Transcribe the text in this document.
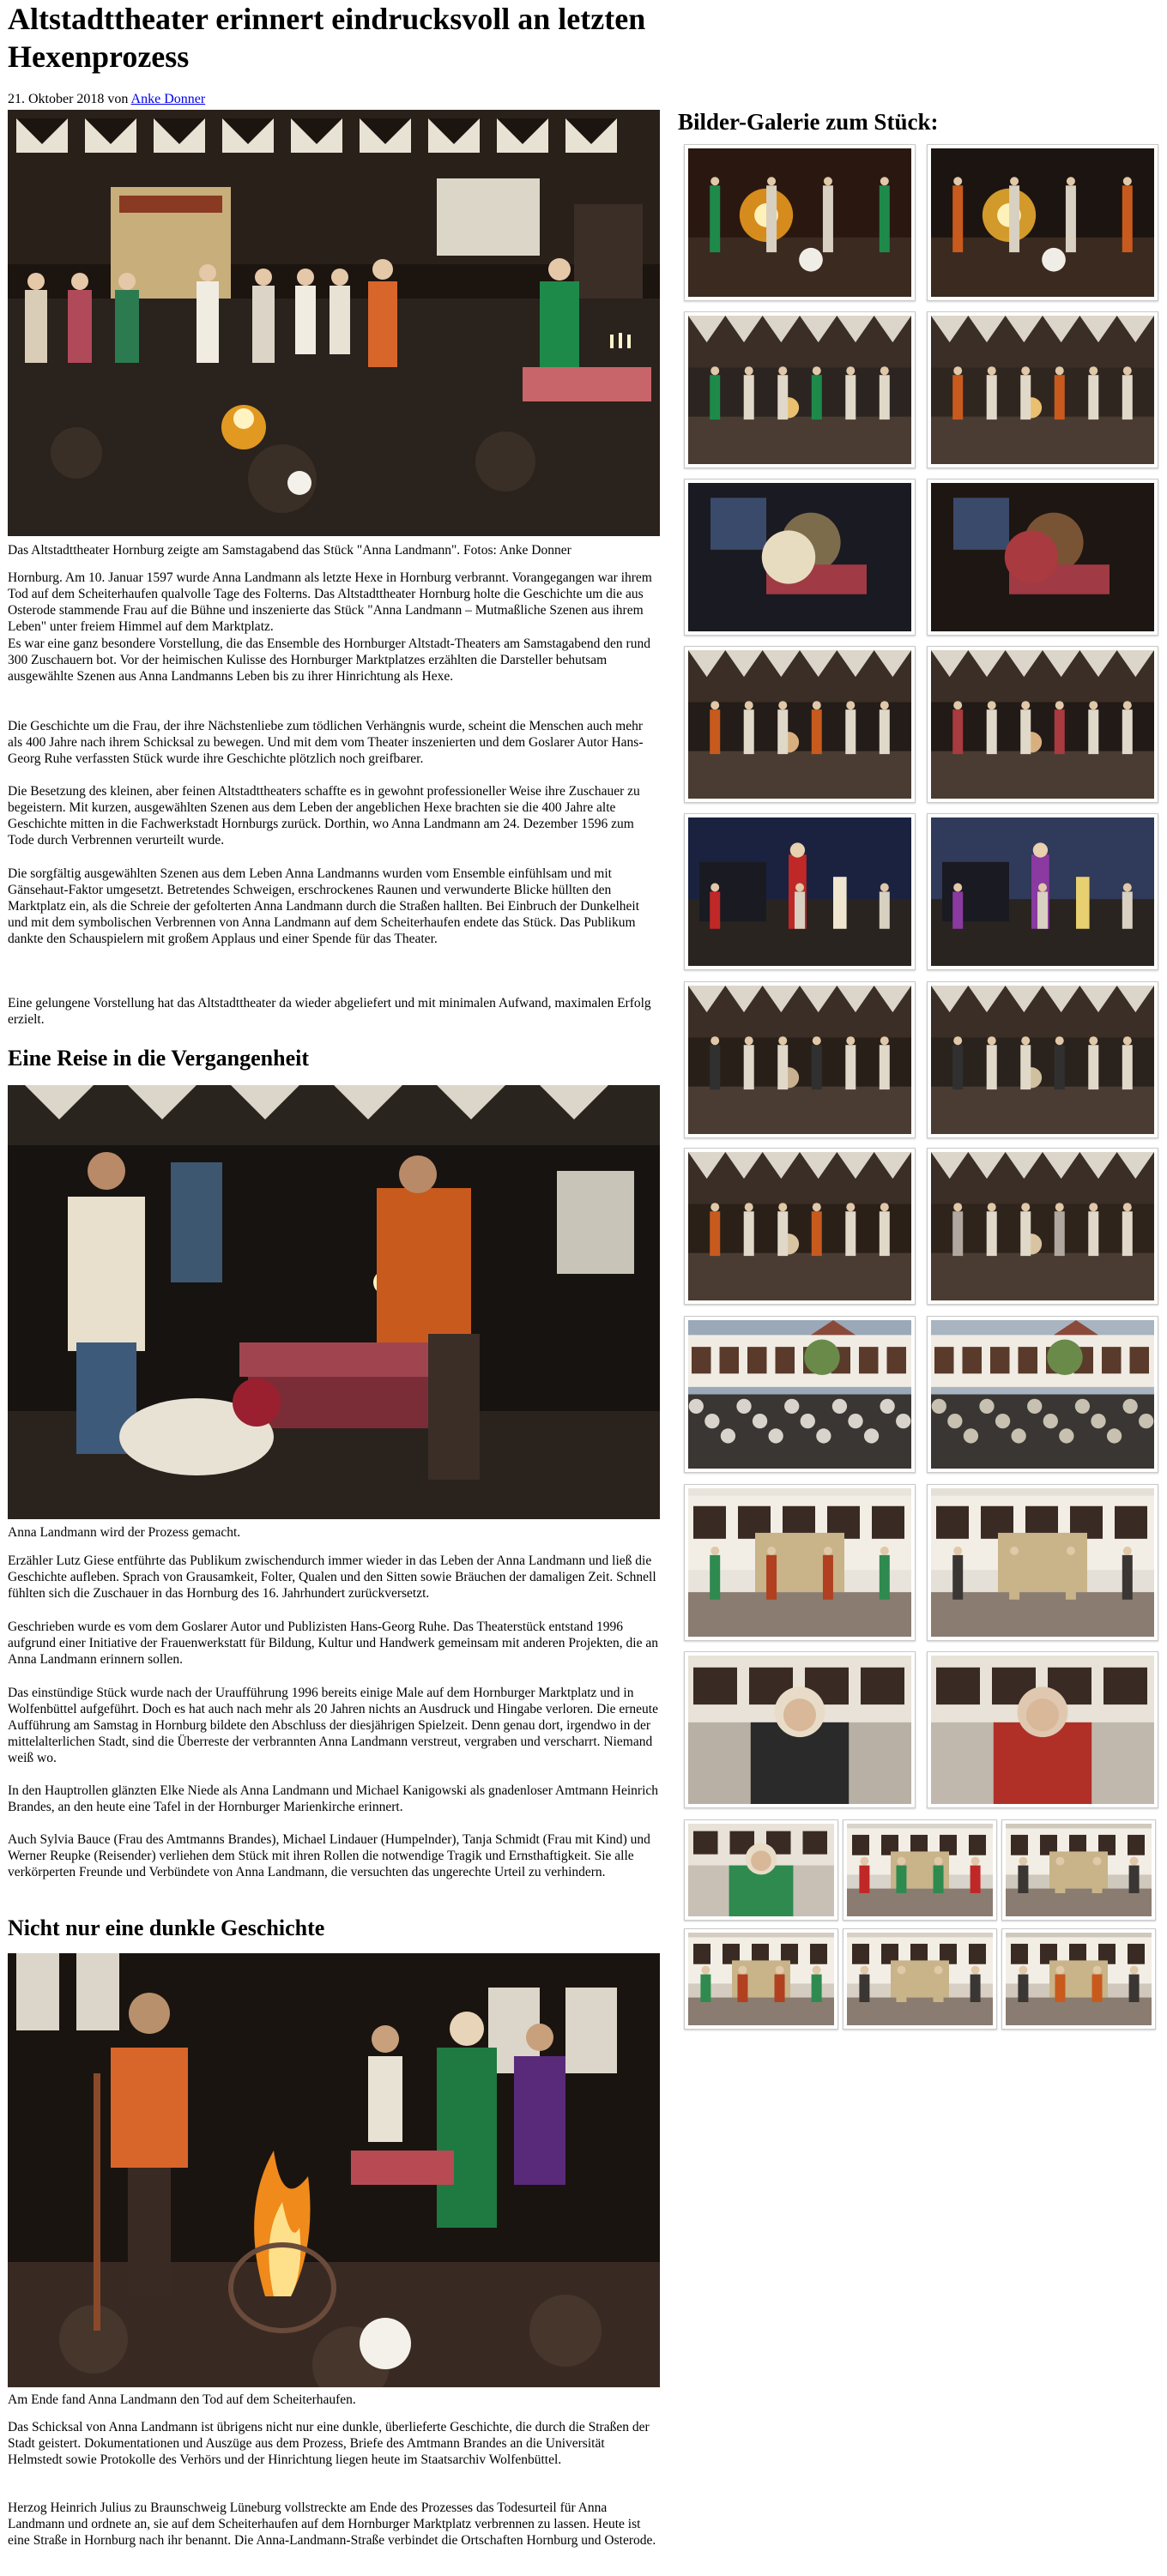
Altstadttheater erinnert eindrucksvoll an letzten Hexenprozess

21. Oktober 2018 von Anke Donner

Das Altstadttheater Hornburg zeigte am Samstagabend das Stück "Anna Landmann". Fotos: Anke Donner

Hornburg. Am 10. Januar 1597 wurde Anna Landmann als letzte Hexe in Hornburg verbrannt. Vorangegangen war ihrem Tod auf dem Scheiterhaufen qualvolle Tage des Folterns. Das Altstadttheater Hornburg holte die Geschichte um die aus Osterode stammende Frau auf die Bühne und inszenierte das Stück "Anna Landmann – Mutmaßliche Szenen aus ihrem Leben" unter freiem Himmel auf dem Marktplatz.

Es war eine ganz besondere Vorstellung, die das Ensemble des Hornburger Altstadt-Theaters am Samstagabend den rund 300 Zuschauern bot. Vor der heimischen Kulisse des Hornburger Marktplatzes erzählten die Darsteller behutsam ausgewählte Szenen aus Anna Landmanns Leben bis zu ihrer Hinrichtung als Hexe.

Die Geschichte um die Frau, der ihre Nächstenliebe zum tödlichen Verhängnis wurde, scheint die Menschen auch mehr als 400 Jahre nach ihrem Schicksal zu bewegen. Und mit dem vom Theater inszenierten und dem Goslarer Autor Hans-Georg Ruhe verfassten Stück wurde ihre Geschichte plötzlich noch greifbarer.

Die Besetzung des kleinen, aber feinen Altstadttheaters schaffte es in gewohnt professioneller Weise ihre Zuschauer zu begeistern. Mit kurzen, ausgewählten Szenen aus dem Leben der angeblichen Hexe brachten sie die 400 Jahre alte Geschichte mitten in die Fachwerkstadt Hornburgs zurück. Dorthin, wo Anna Landmann am 24. Dezember 1596 zum Tode durch Verbrennen verurteilt wurde.

Die sorgfältig ausgewählten Szenen aus dem Leben Anna Landmanns wurden vom Ensemble einfühlsam und mit Gänsehaut-Faktor umgesetzt. Betretendes Schweigen, erschrockenes Raunen und verwunderte Blicke hüllten den Marktplatz ein, als die Schreie der gefolterten Anna Landmann durch die Straßen hallten. Bei Einbruch der Dunkelheit und mit dem symbolischen Verbrennen von Anna Landmann auf dem Scheiterhaufen endete das Stück. Das Publikum dankte den Schauspielern mit großem Applaus und einer Spende für das Theater.

Eine gelungene Vorstellung hat das Altstadttheater da wieder abgeliefert und mit minimalen Aufwand, maximalen Erfolg erzielt.

Eine Reise in die Vergangenheit

Anna Landmann wird der Prozess gemacht.

Erzähler Lutz Giese entführte das Publikum zwischendurch immer wieder in das Leben der Anna Landmann und ließ die Geschichte aufleben. Sprach von Grausamkeit, Folter, Qualen und den Sitten sowie Bräuchen der damaligen Zeit. Schnell fühlten sich die Zuschauer in das Hornburg des 16. Jahrhundert zurückversetzt.

Geschrieben wurde es vom dem Goslarer Autor und Publizisten Hans-Georg Ruhe. Das Theaterstück entstand 1996 aufgrund einer Initiative der Frauenwerkstatt für Bildung, Kultur und Handwerk gemeinsam mit anderen Projekten, die an Anna Landmann erinnern sollen.

Das einstündige Stück wurde nach der Uraufführung 1996 bereits einige Male auf dem Hornburger Marktplatz und in Wolfenbüttel aufgeführt. Doch es hat auch nach mehr als 20 Jahren nichts an Ausdruck und Hingabe verloren. Die erneute Aufführung am Samstag in Hornburg bildete den Abschluss der diesjährigen Spielzeit. Denn genau dort, irgendwo in der mittelalterlichen Stadt, sind die Überreste der verbrannten Anna Landmann verstreut, vergraben und verscharrt. Niemand weiß wo.

In den Hauptrollen glänzten Elke Niede als Anna Landmann und Michael Kanigowski als gnadenloser Amtmann Heinrich Brandes, an den heute eine Tafel in der Hornburger Marienkirche erinnert.

Auch Sylvia Bauce (Frau des Amtmanns Brandes), Michael Lindauer (Humpelnder), Tanja Schmidt (Frau mit Kind) und Werner Reupke (Reisender) verliehen dem Stück mit ihren Rollen die notwendige Tragik und Ernsthaftigkeit. Sie alle verkörperten Freunde und Verbündete von Anna Landmann, die versuchten das ungerechte Urteil zu verhindern.

Nicht nur eine dunkle Geschichte

Am Ende fand Anna Landmann den Tod auf dem Scheiterhaufen.

Das Schicksal von Anna Landmann ist übrigens nicht nur eine dunkle, überlieferte Geschichte, die durch die Straßen der Stadt geistert. Dokumentationen und Auszüge aus dem Prozess, Briefe des Amtmann Brandes an die Universität Helmstedt sowie Protokolle des Verhörs und der Hinrichtung liegen heute im Staatsarchiv Wolfenbüttel.

Herzog Heinrich Julius zu Braunschweig Lüneburg vollstreckte am Ende des Prozesses das Todesurteil für Anna Landmann und ordnete an, sie auf dem Scheiterhaufen auf dem Hornburger Marktplatz verbrennen zu lassen. Heute ist eine Straße in Hornburg nach ihr benannt. Die Anna-Landmann-Straße verbindet die Ortschaften Hornburg und Osterode.

Bilder-Galerie zum Stück:
